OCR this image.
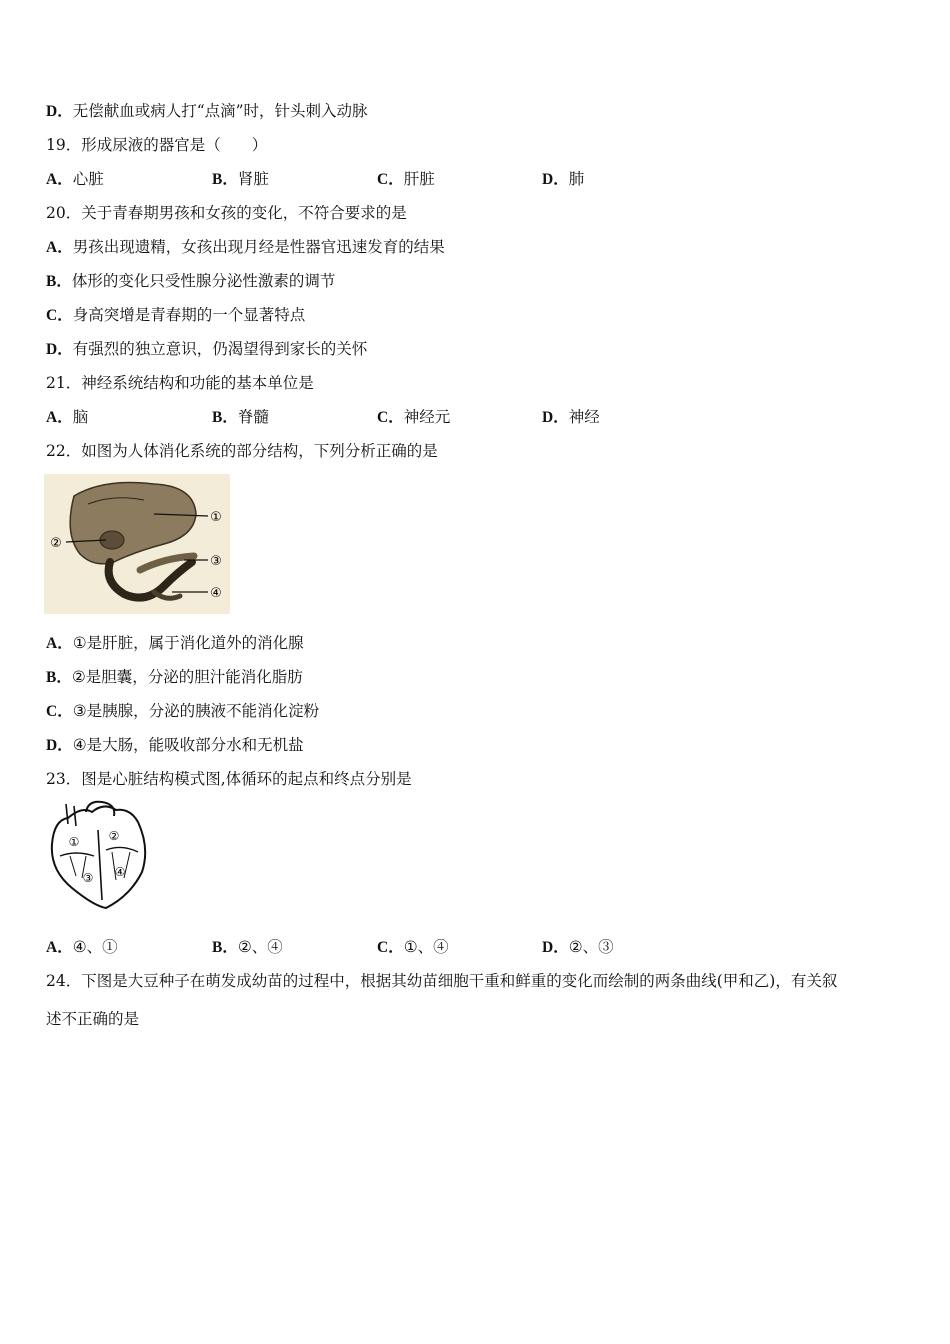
D．无偿献血或病人打“点滴”时，针头刺入动脉
19．形成尿液的器官是（　　）
A．心脏	B．肾脏	C．肝脏	D．肺
20．关于青春期男孩和女孩的变化，不符合要求的是
A．男孩出现遗精，女孩出现月经是性器官迅速发育的结果
B．体形的变化只受性腺分泌性激素的调节
C．身高突增是青春期的一个显著特点
D．有强烈的独立意识，仍渴望得到家长的关怀
21．神经系统结构和功能的基本单位是
A．脑	B．脊髓	C．神经元	D．神经
22．如图为人体消化系统的部分结构，下列分析正确的是
①
②
③
④
A．①是肝脏，属于消化道外的消化腺
B．②是胆囊，分泌的胆汁能消化脂肪
C．③是胰腺，分泌的胰液不能消化淀粉
D．④是大肠，能吸收部分水和无机盐
23．图是心脏结构模式图,体循环的起点和终点分别是
① ②
③ ④
A．④、①	B．②、④	C．①、④	D．②、③
24．下图是大豆种子在萌发成幼苗的过程中，根据其幼苗细胞干重和鲜重的变化而绘制的两条曲线(甲和乙)，有关叙
述不正确的是
